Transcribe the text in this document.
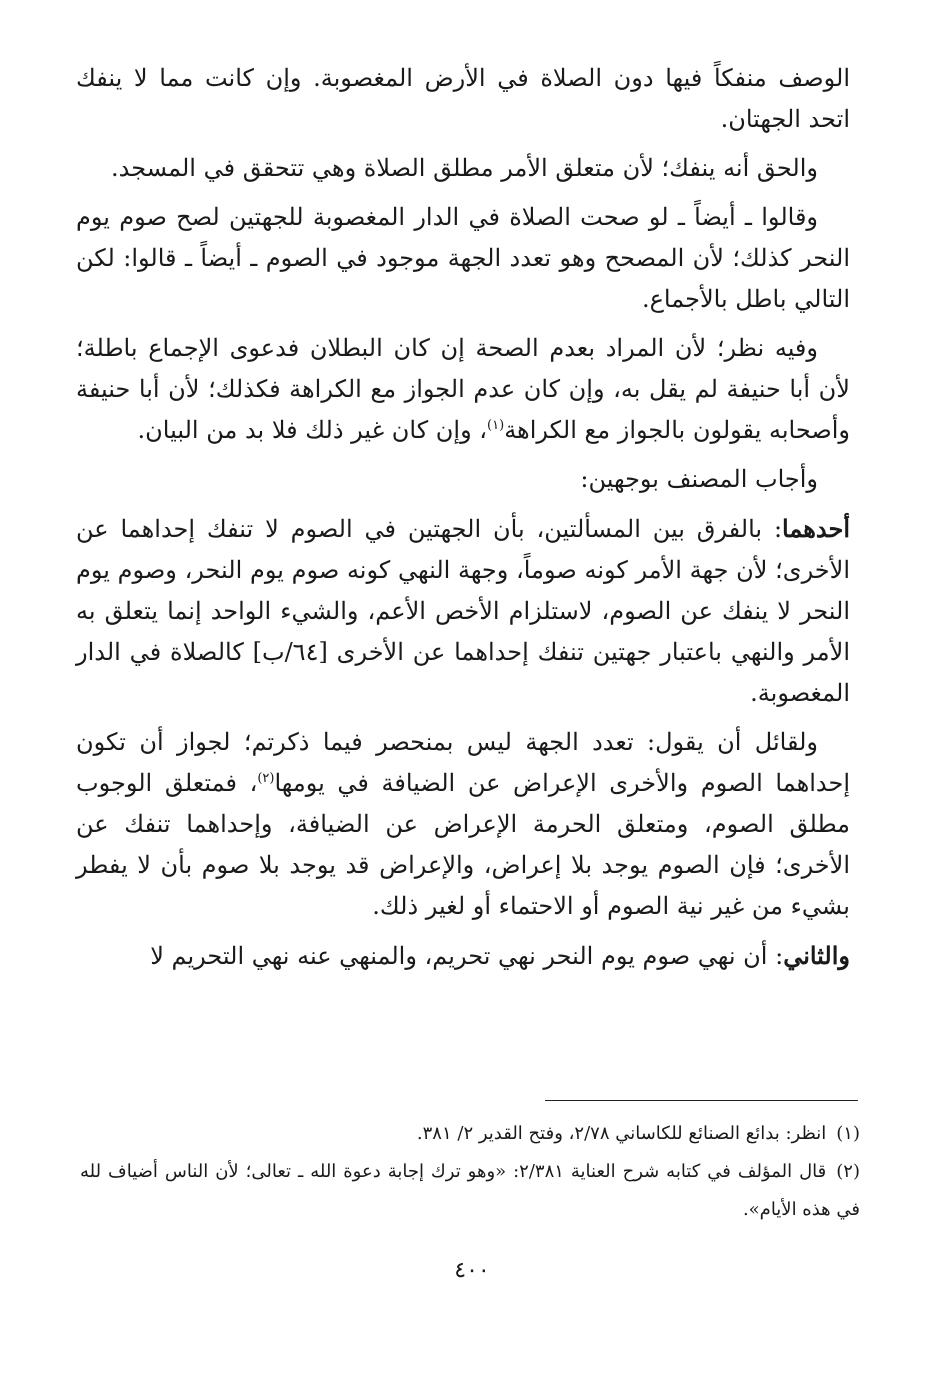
الوصف منفكاً فيها دون الصلاة في الأرض المغصوبة. وإن كانت مما لا ينفك اتحد الجهتان.

والحق أنه ينفك؛ لأن متعلق الأمر مطلق الصلاة وهي تتحقق في المسجد.

وقالوا ـ أيضاً ـ لو صحت الصلاة في الدار المغصوبة للجهتين لصح صوم يوم النحر كذلك؛ لأن المصحح وهو تعدد الجهة موجود في الصوم ـ أيضاً ـ قالوا: لكن التالي باطل بالأجماع.

وفيه نظر؛ لأن المراد بعدم الصحة إن كان البطلان فدعوى الإجماع باطلة؛ لأن أبا حنيفة لم يقل به، وإن كان عدم الجواز مع الكراهة فكذلك؛ لأن أبا حنيفة وأصحابه يقولون بالجواز مع الكراهة$^{(١)}$، وإن كان غير ذلك فلا بد من البيان.

وأجاب المصنف بوجهين:

أحدهما: بالفرق بين المسألتين، بأن الجهتين في الصوم لا تنفك إحداهما عن الأخرى؛ لأن جهة الأمر كونه صوماً، وجهة النهي كونه صوم يوم النحر، وصوم يوم النحر لا ينفك عن الصوم، لاستلزام الأخص الأعم، والشيء الواحد إنما يتعلق به الأمر والنهي باعتبار جهتين تنفك إحداهما عن الأخرى [٦٤/ب] كالصلاة في الدار المغصوبة.

ولقائل أن يقول: تعدد الجهة ليس بمنحصر فيما ذكرتم؛ لجواز أن تكون إحداهما الصوم والأخرى الإعراض عن الضيافة في يومها$^{(٢)}$، فمتعلق الوجوب مطلق الصوم، ومتعلق الحرمة الإعراض عن الضيافة، وإحداهما تنفك عن الأخرى؛ فإن الصوم يوجد بلا إعراض، والإعراض قد يوجد بلا صوم بأن لا يفطر بشيء من غير نية الصوم أو الاحتماء أو لغير ذلك.

والثاني: أن نهي صوم يوم النحر نهي تحريم، والمنهي عنه نهي التحريم لا

(١)انظر: بدائع الصنائع للكاساني ٢/٧٨، وفتح القدير ٢/ ٣٨١.

(٢)قال المؤلف في كتابه شرح العناية ٢/٣٨١: «وهو ترك إجابة دعوة الله ـ تعالى؛ لأن الناس أضياف لله في هذه الأيام».

٤٠٠
